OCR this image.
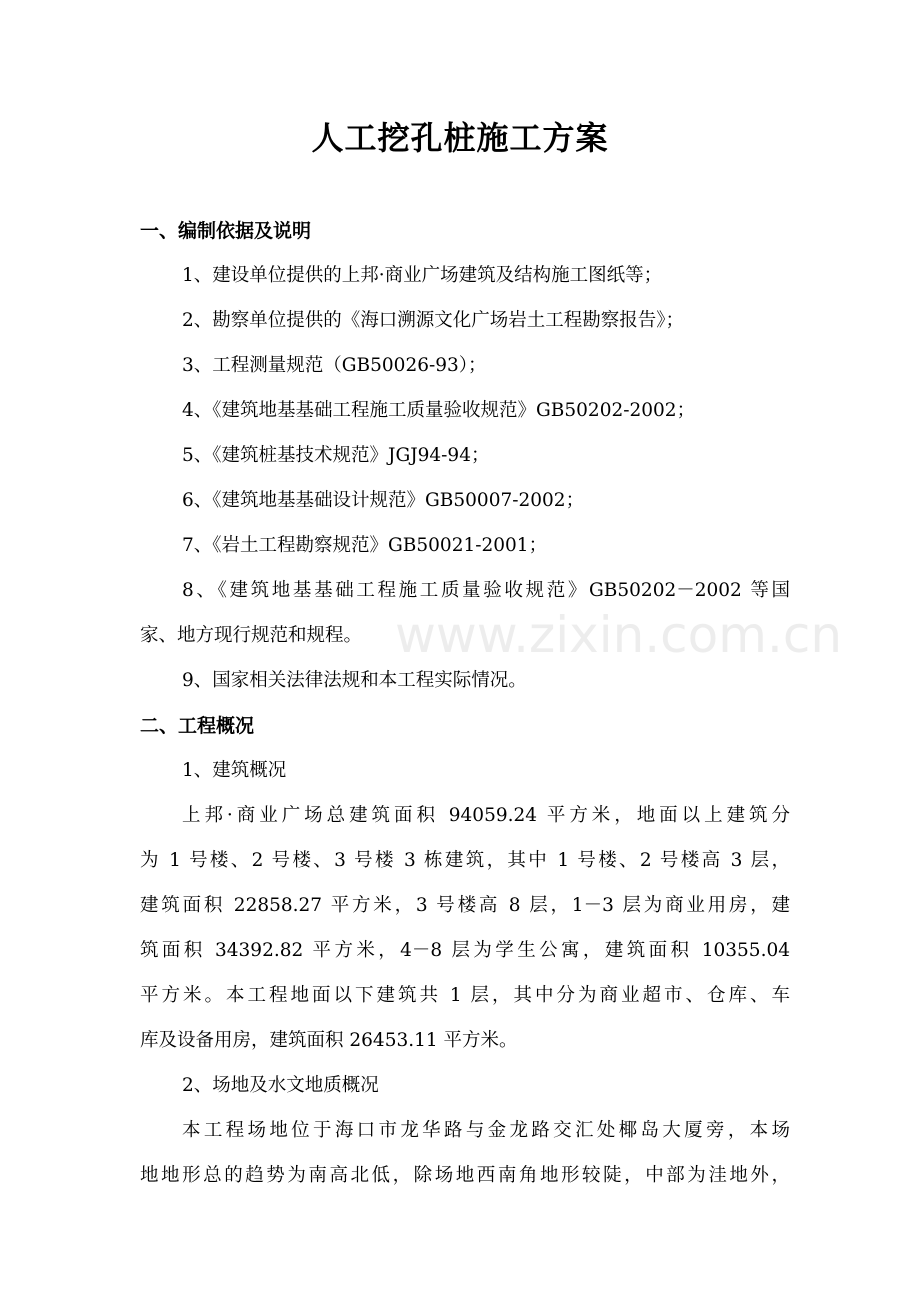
www.zixin.com.cn
人工挖孔桩施工方案
一、编制依据及说明
1、建设单位提供的上邦·商业广场建筑及结构施工图纸等；
2、勘察单位提供的《海口溯源文化广场岩土工程勘察报告》；
3、工程测量规范（GB50026-93）；
4、《建筑地基基础工程施工质量验收规范》GB50202-2002；
5、《建筑桩基技术规范》JGJ94-94；
6、《建筑地基基础设计规范》GB50007-2002；
7、《岩土工程勘察规范》GB50021-2001；
8、《建筑地基基础工程施工质量验收规范》GB50202－2002 等国
家、地方现行规范和规程。
9、国家相关法律法规和本工程实际情况。
二、工程概况
1、建筑概况
上邦·商业广场总建筑面积 94059.24 平方米，地面以上建筑分
为 1 号楼、2 号楼、3 号楼 3 栋建筑，其中 1 号楼、2 号楼高 3 层，
建筑面积 22858.27 平方米，3 号楼高 8 层，1－3 层为商业用房，建
筑面积 34392.82 平方米，4－8 层为学生公寓，建筑面积 10355.04
平方米。本工程地面以下建筑共 1 层，其中分为商业超市、仓库、车
库及设备用房，建筑面积 26453.11 平方米。
2、场地及水文地质概况
本工程场地位于海口市龙华路与金龙路交汇处椰岛大厦旁，本场
地地形总的趋势为南高北低，除场地西南角地形较陡，中部为洼地外，
